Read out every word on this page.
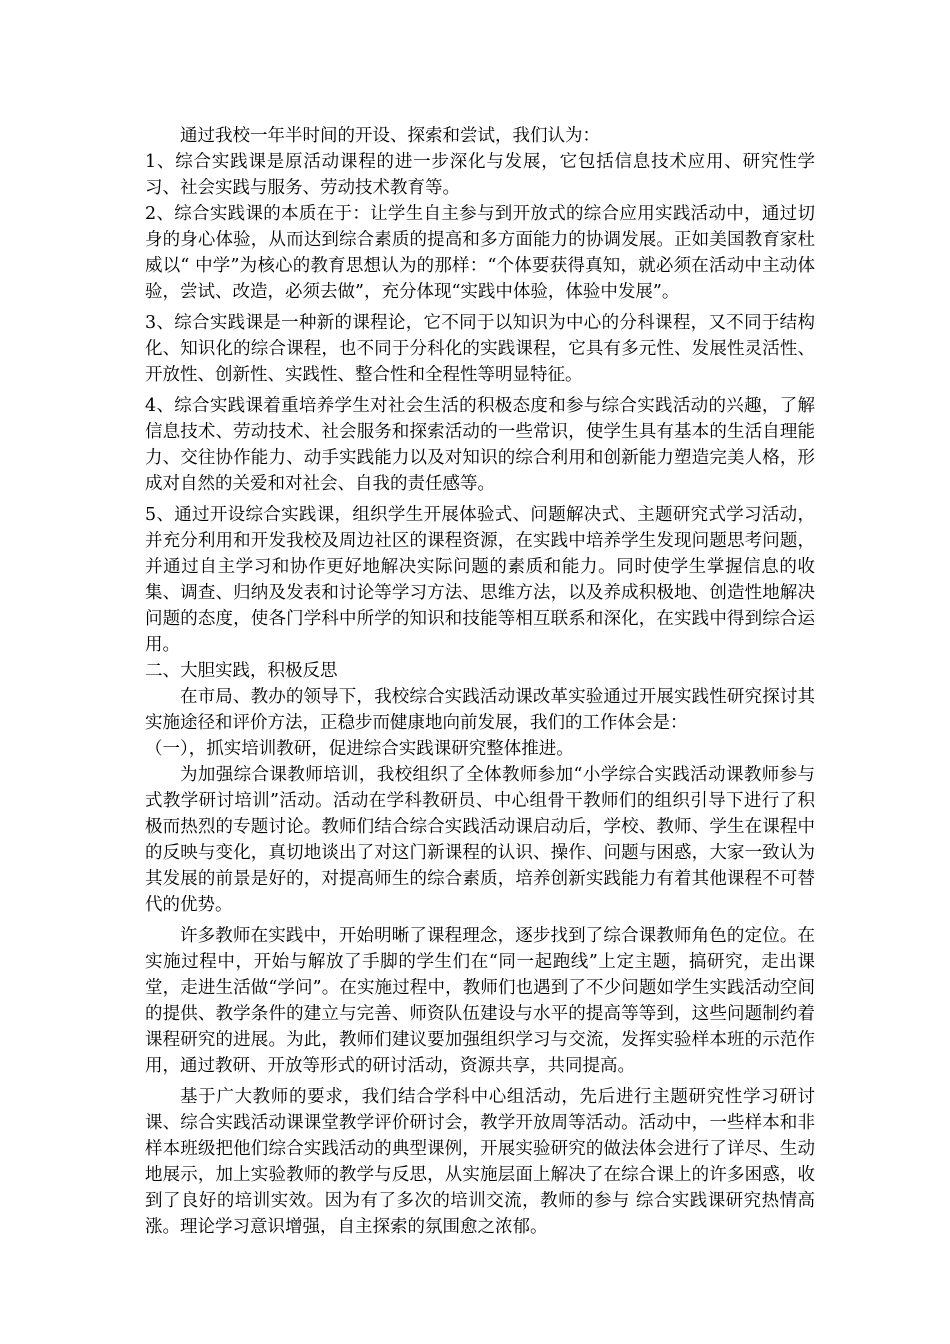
通过我校一年半时间的开设、探索和尝试，我们认为：

1、综合实践课是原活动课程的进一步深化与发展，它包括信息技术应用、研究性学习、社会实践与服务、劳动技术教育等。

2、综合实践课的本质在于：让学生自主参与到开放式的综合应用实践活动中，通过切身的身心体验，从而达到综合素质的提高和多方面能力的协调发展。正如美国教育家杜威以“ 中学”为核心的教育思想认为的那样：“个体要获得真知，就必须在活动中主动体验，尝试、改造，必须去做”，充分体现“实践中体验，体验中发展”。

3、综合实践课是一种新的课程论，它不同于以知识为中心的分科课程，又不同于结构化、知识化的综合课程，也不同于分科化的实践课程，它具有多元性、发展性灵活性、开放性、创新性、实践性、整合性和全程性等明显特征。

4、综合实践课着重培养学生对社会生活的积极态度和参与综合实践活动的兴趣，了解信息技术、劳动技术、社会服务和探索活动的一些常识，使学生具有基本的生活自理能力、交往协作能力、动手实践能力以及对知识的综合利用和创新能力塑造完美人格，形成对自然的关爱和对社会、自我的责任感等。

5、通过开设综合实践课，组织学生开展体验式、问题解决式、主题研究式学习活动，并充分利用和开发我校及周边社区的课程资源，在实践中培养学生发现问题思考问题，并通过自主学习和协作更好地解决实际问题的素质和能力。同时使学生掌握信息的收集、调查、归纳及发表和讨论等学习方法、思维方法，以及养成积极地、创造性地解决问题的态度，使各门学科中所学的知识和技能等相互联系和深化，在实践中得到综合运用。

二、大胆实践，积极反思

在市局、教办的领导下，我校综合实践活动课改革实验通过开展实践性研究探讨其实施途径和评价方法，正稳步而健康地向前发展，我们的工作体会是：

（一），抓实培训教研，促进综合实践课研究整体推进。

为加强综合课教师培训，我校组织了全体教师参加“小学综合实践活动课教师参与 式教学研讨培训”活动。活动在学科教研员、中心组骨干教师们的组织引导下进行了积极而热烈的专题讨论。教师们结合综合实践活动课启动后，学校、教师、学生在课程中的反映与变化，真切地谈出了对这门新课程的认识、操作、问题与困惑，大家一致认为其发展的前景是好的，对提高师生的综合素质，培养创新实践能力有着其他课程不可替代的优势。

许多教师在实践中，开始明晰了课程理念，逐步找到了综合课教师角色的定位。在实施过程中，开始与解放了手脚的学生们在“同一起跑线”上定主题，搞研究，走出课堂，走进生活做“学问”。在实施过程中，教师们也遇到了不少问题如学生实践活动空间的提供、教学条件的建立与完善、师资队伍建设与水平的提高等等到，这些问题制约着课程研究的进展。为此，教师们建议要加强组织学习与交流，发挥实验样本班的示范作用，通过教研、开放等形式的研讨活动，资源共享，共同提高。

基于广大教师的要求，我们结合学科中心组活动，先后进行主题研究性学习研讨课、综合实践活动课课堂教学评价研讨会，教学开放周等活动。活动中，一些样本和非样本班级把他们综合实践活动的典型课例，开展实验研究的做法体会进行了详尽、生动地展示，加上实验教师的教学与反思，从实施层面上解决了在综合课上的许多困惑，收到了良好的培训实效。因为有了多次的培训交流，教师的参与 综合实践课研究热情高涨。理论学习意识增强，自主探索的氛围愈之浓郁。
